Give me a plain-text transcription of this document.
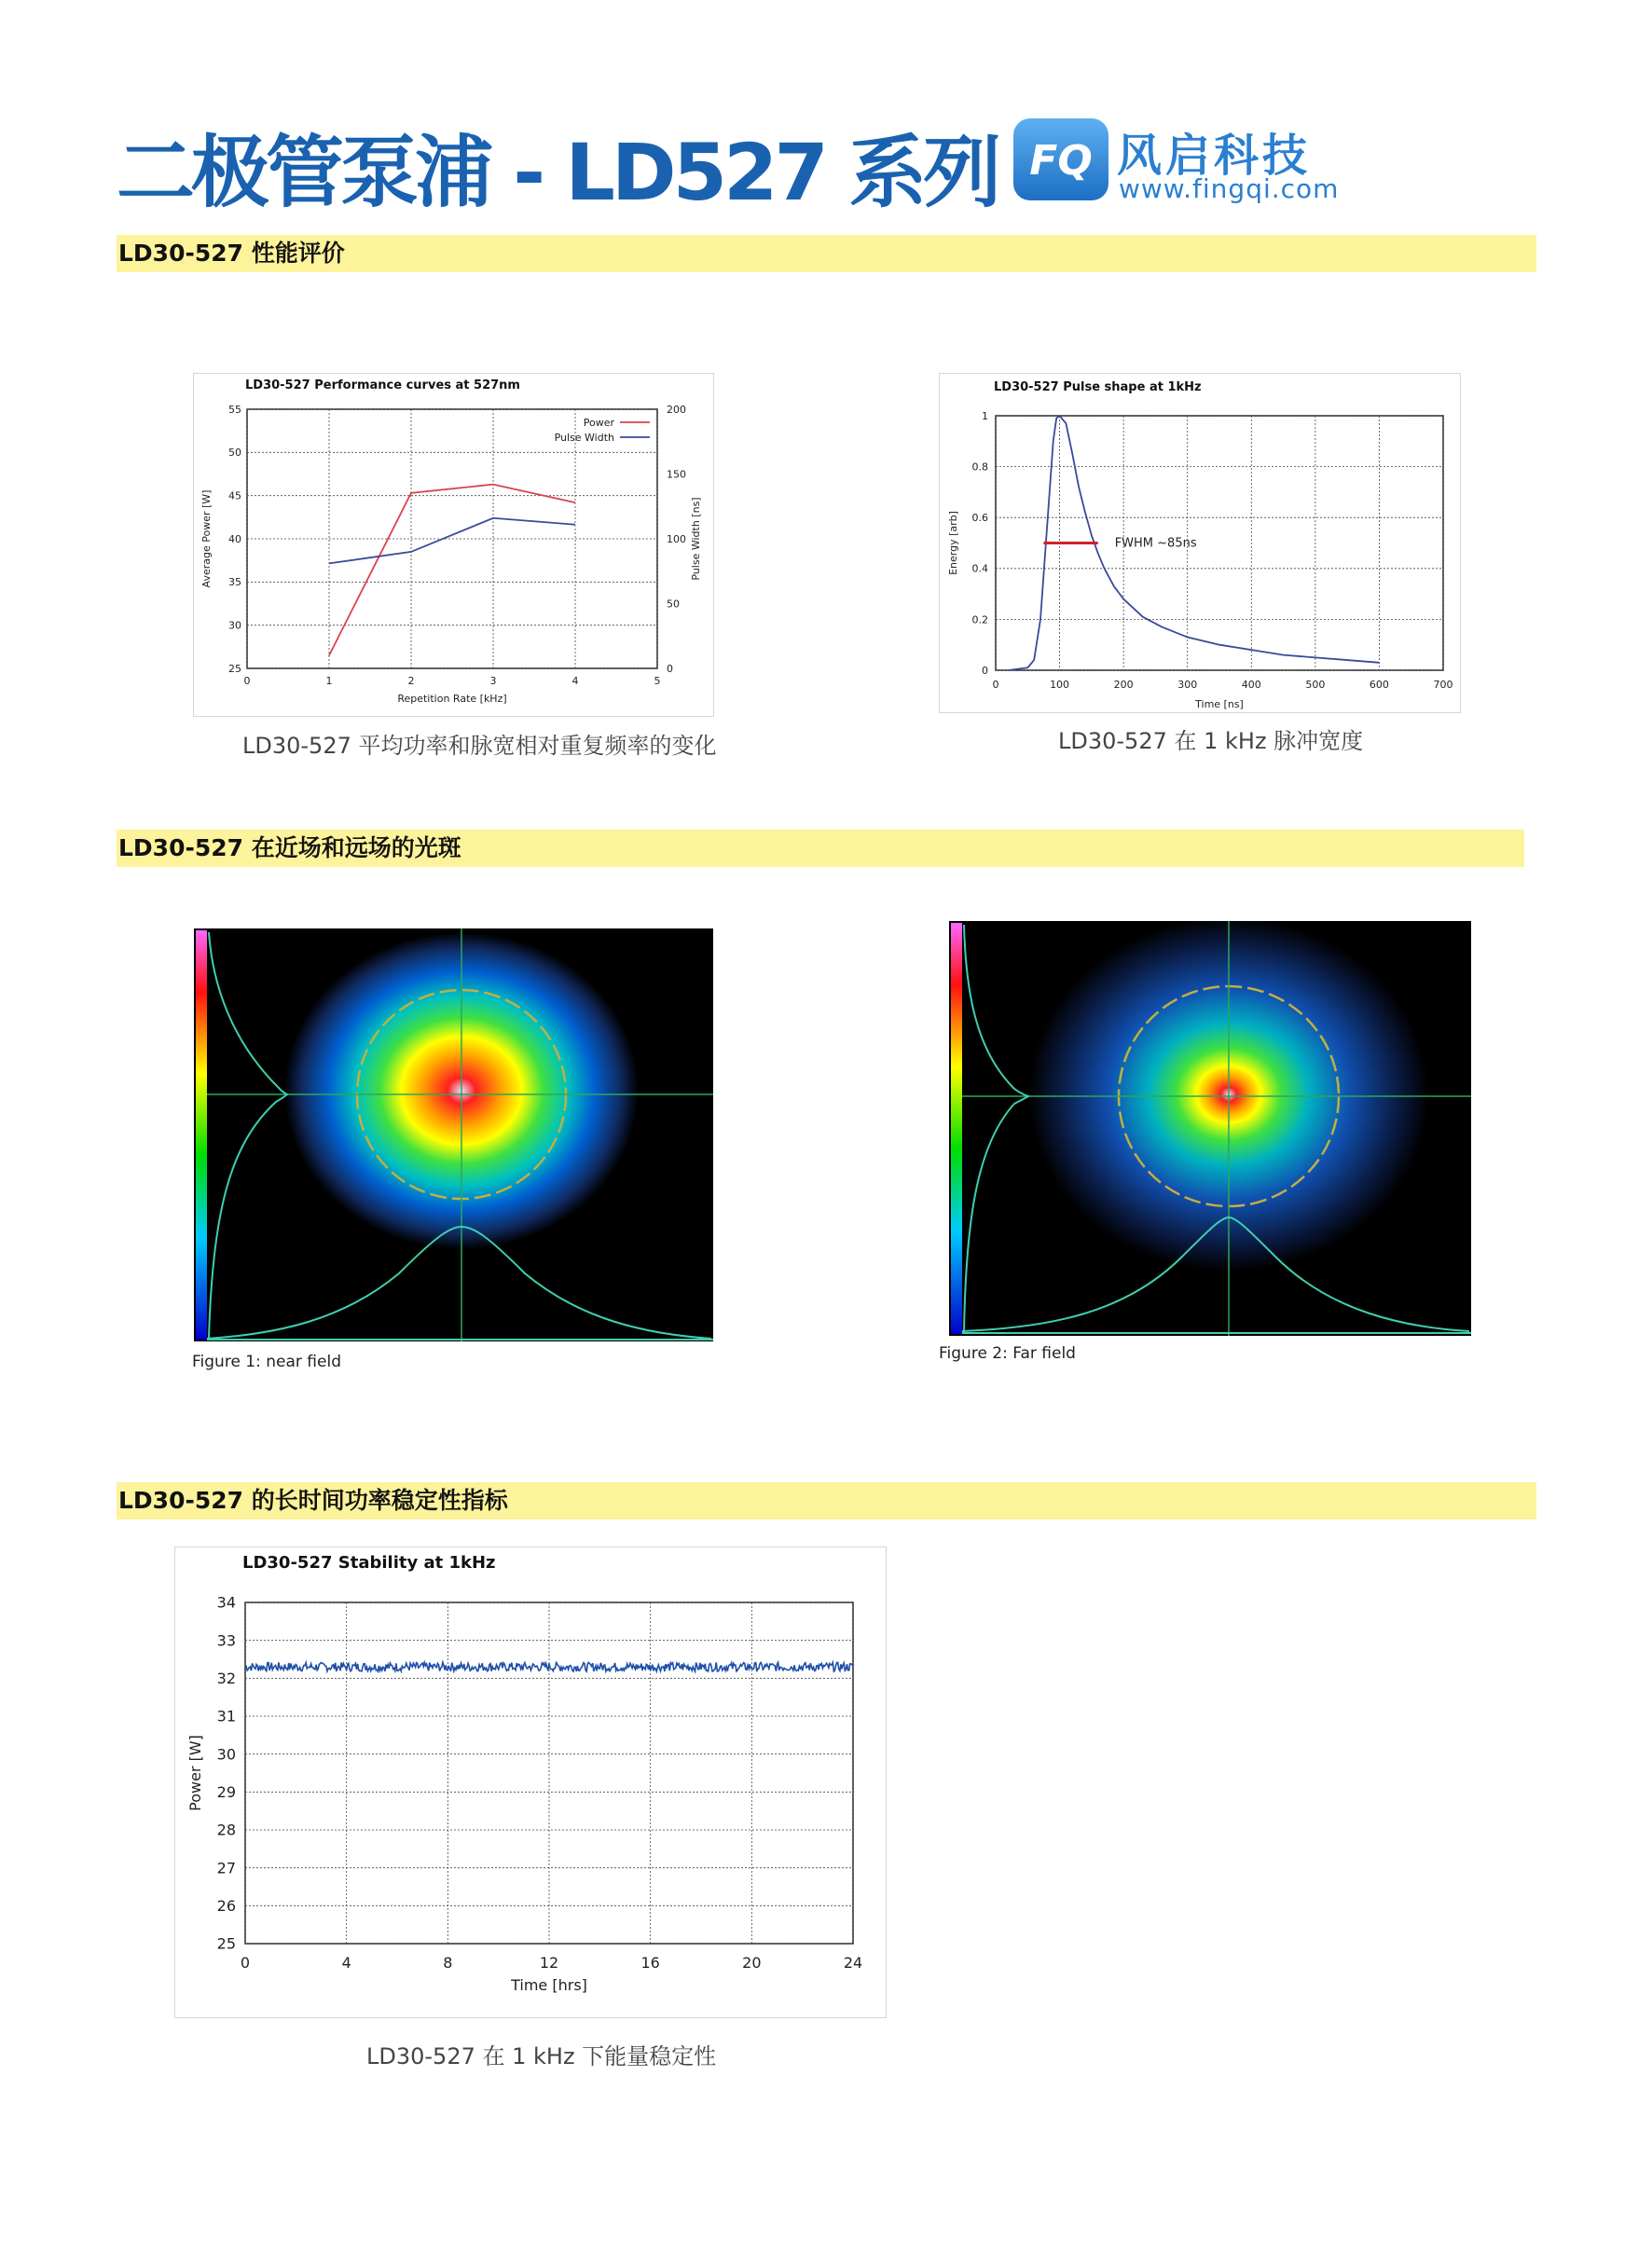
二极管泵浦 - LD527 系列 FQ 风启科技
www.fingqi.com
LD30-527 性能评价
0	1	2	3	4	5
25
30
35
40
45
50
55
Repetition Rate [kHz]
Average Power [W]
LD30-527 Performance curves at 527nm
0
50
100
150
200
Pulse Width [ns]
Power
Pulse Width
LD30-527 平均功率和脉宽相对重复频率的变化
0	100	200	300	400	500	600	700
0
0.2
0.4
0.6
0.8
1
Time [ns]
Energy [arb]
LD30-527 Pulse shape at 1kHz
FWHM ~85ns
LD30-527 在 1 kHz 脉冲宽度
LD30-527 在近场和远场的光斑
Figure 1: near field	Figure 2: Far field
LD30-527 的长时间功率稳定性指标
0	4	8	12	16	20	24
25
26
27
28
29
30
31
32
33
34
Time [hrs]
Power [W]
LD30-527 Stability at 1kHz
LD30-527 在 1 kHz 下能量稳定性
